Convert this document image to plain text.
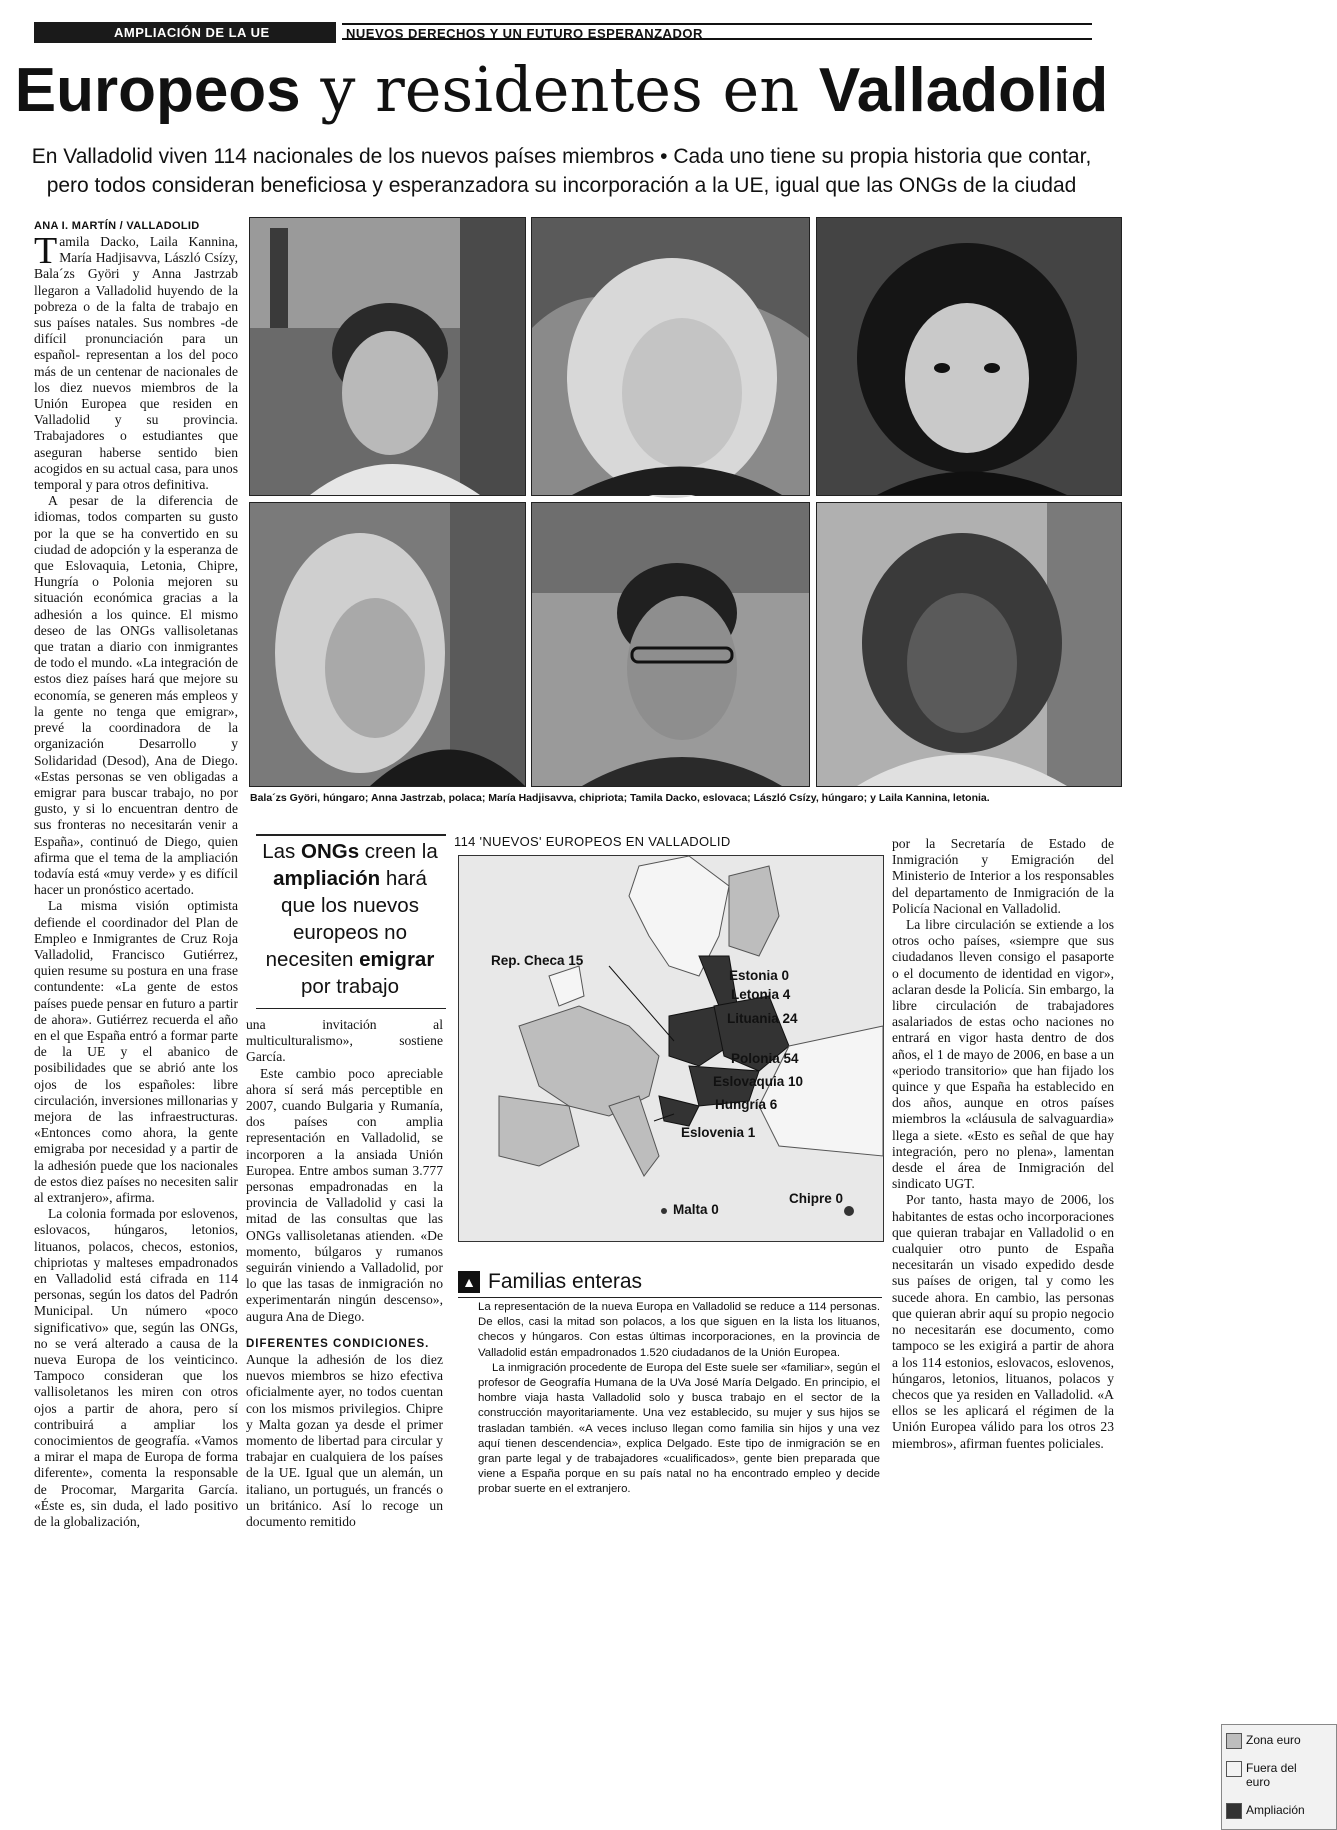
AMPLIACIÓN DE LA UE	NUEVOS DERECHOS Y UN FUTURO ESPERANZADOR
Europeos y residentes en Valladolid
En Valladolid viven 114 nacionales de los nuevos países miembros • Cada uno tiene su propia historia que contar,
pero todos consideran beneficiosa y esperanzadora su incorporación a la UE, igual que las ONGs de la ciudad
ANA I. MARTÍN / VALLADOLID

Tamila Dacko, Laila Kannina, María Hadjisavva, László Csízy, Bala´zs Györi y Anna Jastrzab llegaron a Valladolid huyendo de la pobreza o de la falta de trabajo en sus países natales. Sus nombres -de difícil pronunciación para un español- representan a los del poco más de un centenar de nacionales de los diez nuevos miembros de la Unión Europea que residen en Valladolid y su provincia. Trabajadores o estudiantes que aseguran haberse sentido bien acogidos en su actual casa, para unos temporal y para otros definitiva.

A pesar de la diferencia de idiomas, todos comparten su gusto por la que se ha convertido en su ciudad de adopción y la esperanza de que Eslovaquia, Letonia, Chipre, Hungría o Polonia mejoren su situación económica gracias a la adhesión a los quince. El mismo deseo de las ONGs vallisoletanas que tratan a diario con inmigrantes de todo el mundo. «La integración de estos diez países hará que mejore su economía, se generen más empleos y la gente no tenga que emigrar», prevé la coordinadora de la organización Desarrollo y Solidaridad (Desod), Ana de Diego. «Estas personas se ven obligadas a emigrar para buscar trabajo, no por gusto, y si lo encuentran dentro de sus fronteras no necesitarán venir a España», continuó de Diego, quien afirma que el tema de la ampliación todavía está «muy verde» y es difícil hacer un pronóstico acertado.

La misma visión optimista defiende el coordinador del Plan de Empleo e Inmigrantes de Cruz Roja Valladolid, Francisco Gutiérrez, quien resume su postura en una frase contundente: «La gente de estos países puede pensar en futuro a partir de ahora». Gutiérrez recuerda el año en el que España entró a formar parte de la UE y el abanico de posibilidades que se abrió ante los ojos de los españoles: libre circulación, inversiones millonarias y mejora de las infraestructuras. «Entonces como ahora, la gente emigraba por necesidad y a partir de la adhesión puede que los nacionales de estos diez países no necesiten salir al extranjero», afirma.

La colonia formada por eslovenos, eslovacos, húngaros, letonios, lituanos, polacos, checos, estonios, chipriotas y malteses empadronados en Valladolid está cifrada en 114 personas, según los datos del Padrón Municipal. Un número «poco significativo» que, según las ONGs, no se verá alterado a causa de la nueva Europa de los veinticinco. Tampoco consideran que los vallisoletanos les miren con otros ojos a partir de ahora, pero sí contribuirá a ampliar los conocimientos de geografía. «Vamos a mirar el mapa de Europa de forma diferente», comenta la responsable de Procomar, Margarita García. «Éste es, sin duda, el lado positivo de la globalización,

Bala´zs Györi, húngaro; Anna Jastrzab, polaca; María Hadjisavva, chipriota; Tamila Dacko, eslovaca; László Csízy, húngaro; y Laila Kannina, letonia.
Las ONGs creen la ampliación hará que los nuevos europeos no necesiten emigrar por trabajo

una invitación al multiculturalismo», sostiene García.

Este cambio poco apreciable ahora sí será más perceptible en 2007, cuando Bulgaria y Rumanía, dos países con amplia representación en Valladolid, se incorporen a la ansiada Unión Europea. Entre ambos suman 3.777 personas empadronadas en la provincia de Valladolid y casi la mitad de las consultas que las ONGs vallisoletanas atienden. «De momento, búlgaros y rumanos seguirán viniendo a Valladolid, por lo que las tasas de inmigración no experimentarán ningún descenso», augura Ana de Diego.

DIFERENTES CONDICIONES.

Aunque la adhesión de los diez nuevos miembros se hizo efectiva oficialmente ayer, no todos cuentan con los mismos privilegios. Chipre y Malta gozan ya desde el primer momento de libertad para circular y trabajar en cualquiera de los países de la UE. Igual que un alemán, un italiano, un portugués, un francés o un británico. Así lo recoge un documento remitido

114 'NUEVOS' EUROPEOS EN VALLADOLID
Zona euro
Fuera del euro
Ampliación
Rep. Checa 15
Estonia 0
Letonia 4
Lituania 24
Polonia 54
Eslovaquia 10
Hungría 6
Eslovenia 1
Malta 0
Chipre 0
▲ Familias enteras

La representación de la nueva Europa en Valladolid se reduce a 114 personas. De ellos, casi la mitad son polacos, a los que siguen en la lista los lituanos, checos y húngaros. Con estas últimas incorporaciones, en la provincia de Valladolid están empadronados 1.520 ciudadanos de la Unión Europea.

La inmigración procedente de Europa del Este suele ser «familiar», según el profesor de Geografía Humana de la UVa José María Delgado. En principio, el hombre viaja hasta Valladolid solo y busca trabajo en el sector de la construcción mayoritariamente. Una vez establecido, su mujer y sus hijos se trasladan también. «A veces incluso llegan como familia sin hijos y una vez aquí tienen descendencia», explica Delgado. Este tipo de inmigración se en gran parte legal y de trabajadores «cualificados», gente bien preparada que viene a España porque en su país natal no ha encontrado empleo y decide probar suerte en el extranjero.

por la Secretaría de Estado de Inmigración y Emigración del Ministerio de Interior a los responsables del departamento de Inmigración de la Policía Nacional en Valladolid.

La libre circulación se extiende a los otros ocho países, «siempre que sus ciudadanos lleven consigo el pasaporte o el documento de identidad en vigor», aclaran desde la Policía. Sin embargo, la libre circulación de trabajadores asalariados de estas ocho naciones no entrará en vigor hasta dentro de dos años, el 1 de mayo de 2006, en base a un «periodo transitorio» que han fijado los quince y que España ha establecido en dos años, aunque en otros países miembros la «cláusula de salvaguardia» llega a siete. «Esto es señal de que hay integración, pero no plena», lamentan desde el área de Inmigración del sindicato UGT.

Por tanto, hasta mayo de 2006, los habitantes de estas ocho incorporaciones que quieran trabajar en Valladolid o en cualquier otro punto de España necesitarán un visado expedido desde sus países de origen, tal y como les sucede ahora. En cambio, las personas que quieran abrir aquí su propio negocio no necesitarán ese documento, como tampoco se les exigirá a partir de ahora a los 114 estonios, eslovacos, eslovenos, húngaros, letonios, lituanos, polacos y checos que ya residen en Valladolid. «A ellos se les aplicará el régimen de la Unión Europea válido para los otros 23 miembros», afirman fuentes policiales.
